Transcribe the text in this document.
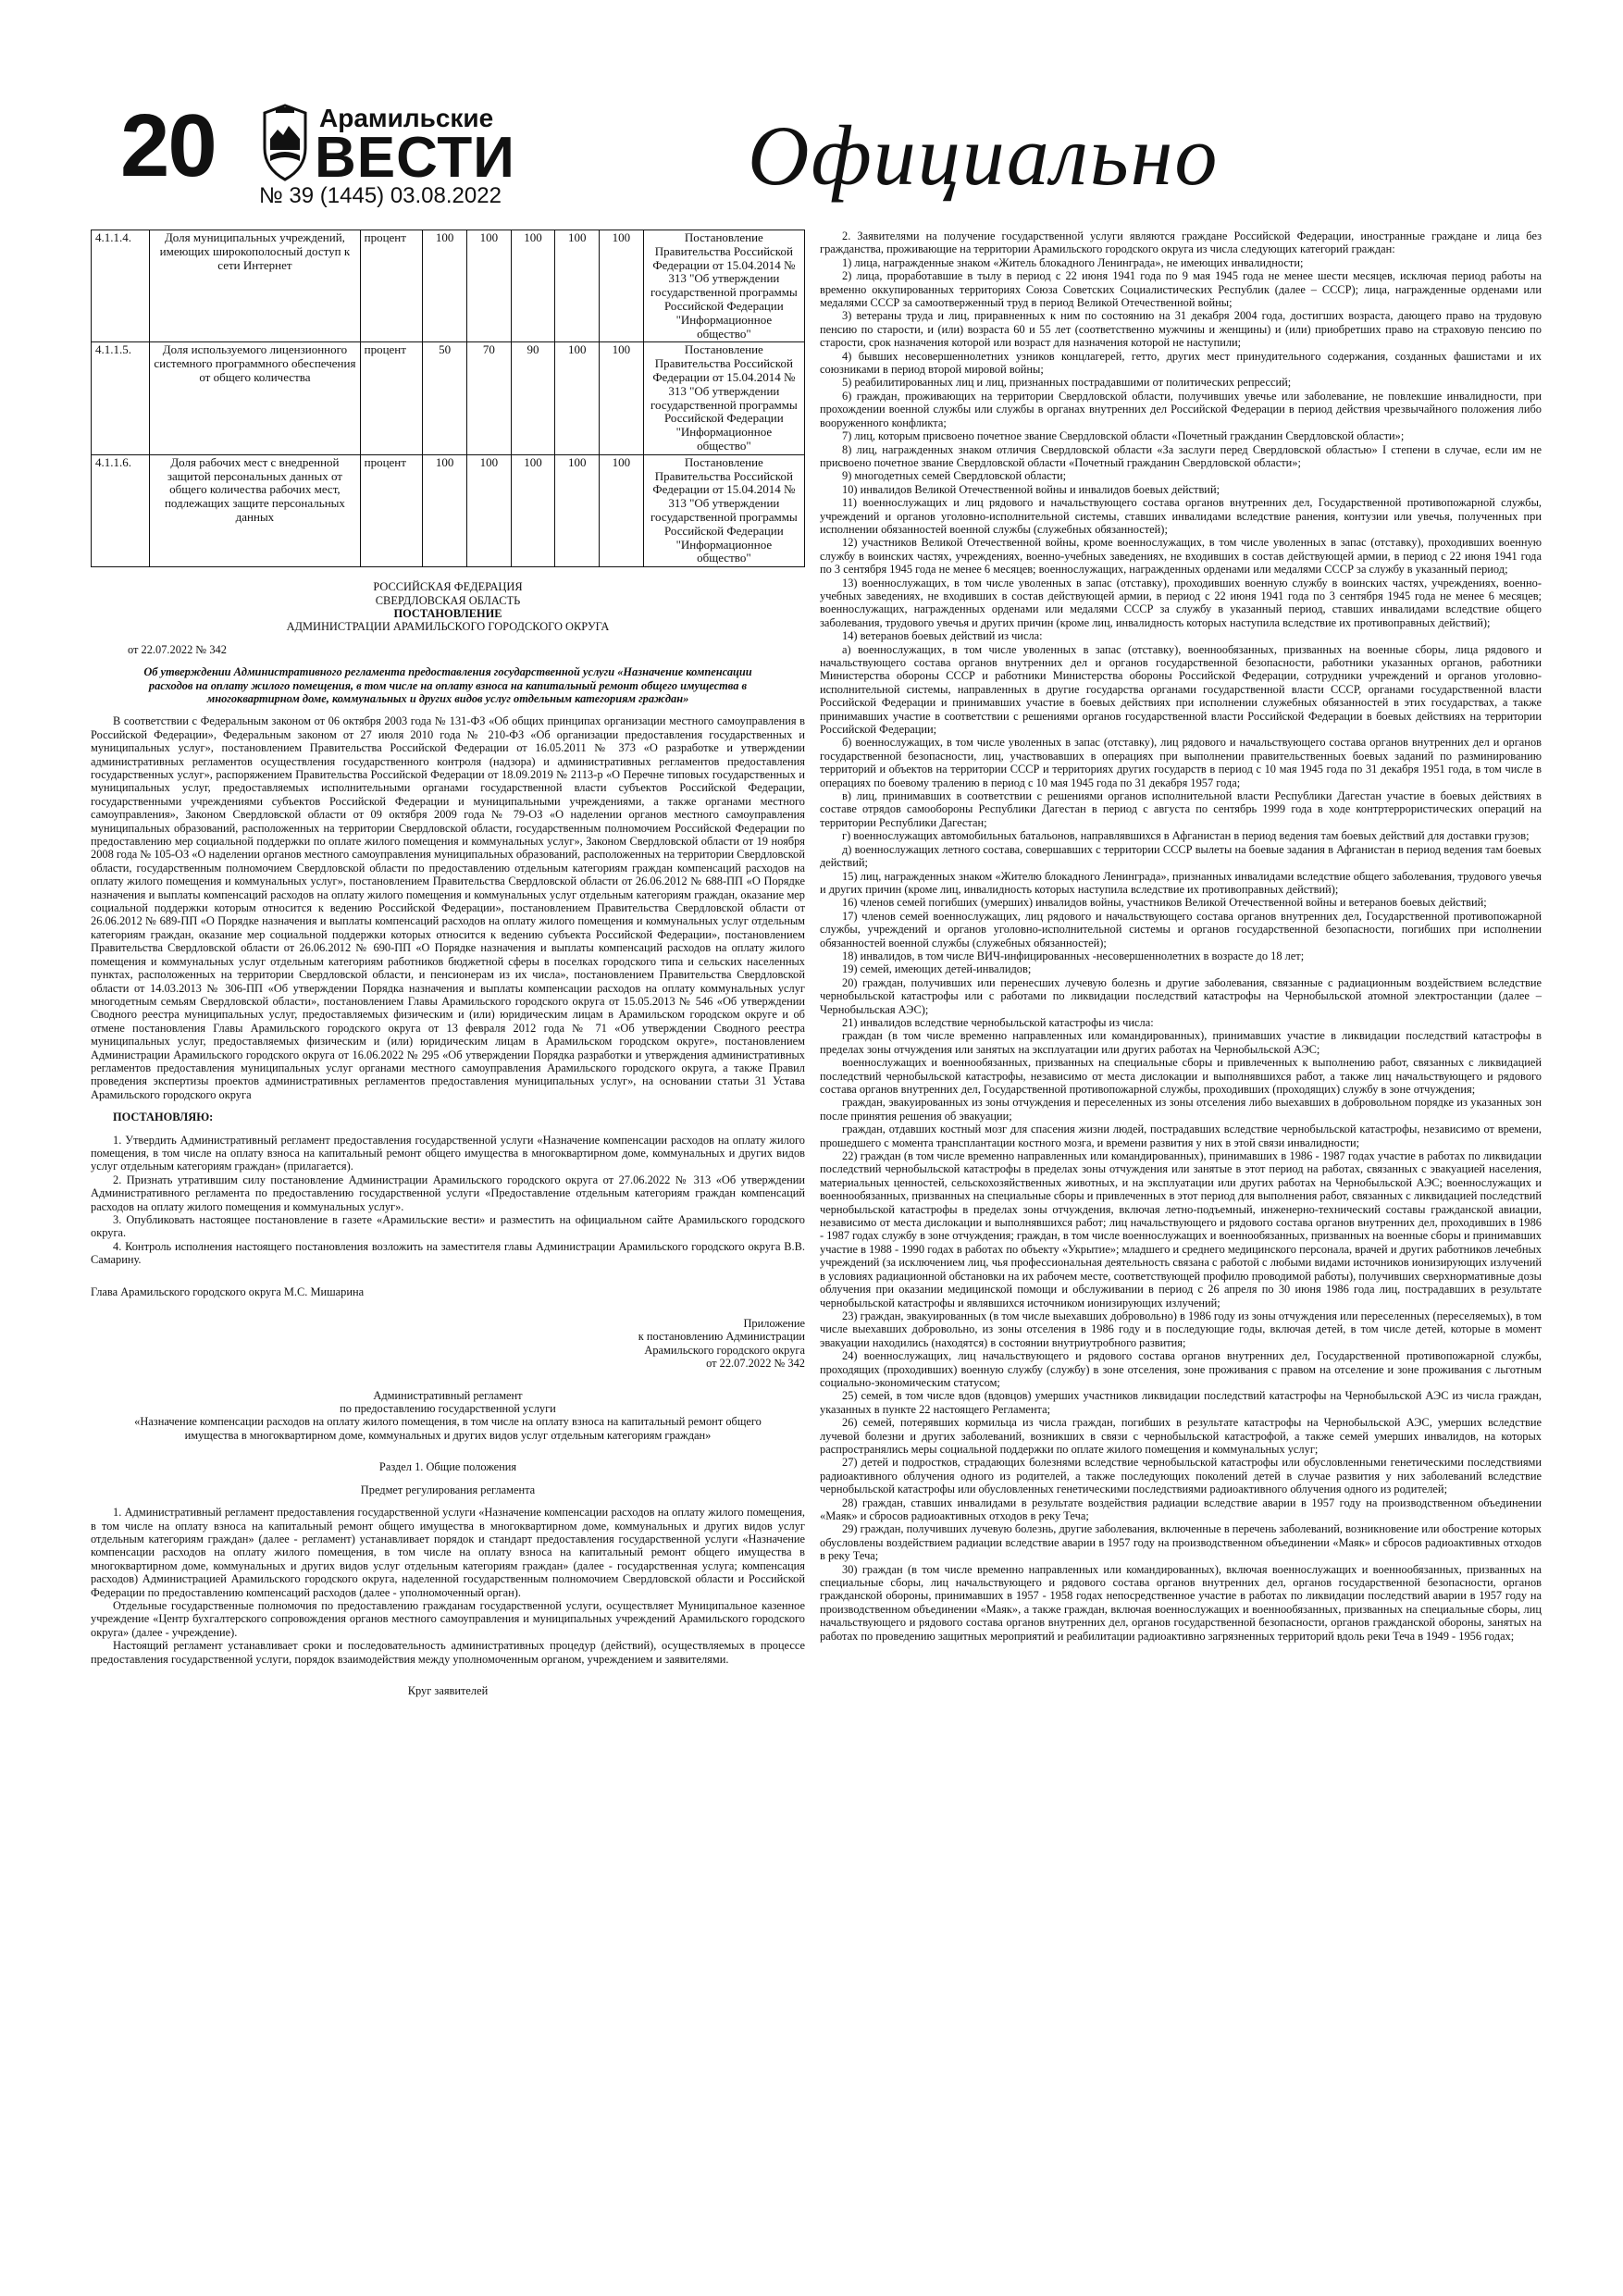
20	Арамильские
ВЕСТИ
№ 39 (1445) 03.08.2022	Официально
4.1.1.4.	Доля муниципальных учреждений, имеющих широкополосный доступ к сети Интернет	процент	100	100	100	100	100	Постановление Правительства Российской Федерации от 15.04.2014 № 313 "Об утверждении государственной программы Российской Федерации "Информационное общество"
4.1.1.5.	Доля используемого лицензионного системного программного обеспечения от общего количества	процент	50	70	90	100	100	Постановление Правительства Российской Федерации от 15.04.2014 № 313 "Об утверждении государственной программы Российской Федерации "Информационное общество"
4.1.1.6.	Доля рабочих мест с внедренной защитой персональных данных от общего количества рабочих мест, подлежащих защите персональных данных	процент	100	100	100	100	100	Постановление Правительства Российской Федерации от 15.04.2014 № 313 "Об утверждении государственной программы Российской Федерации "Информационное общество"
РОССИЙСКАЯ ФЕДЕРАЦИЯ
СВЕРДЛОВСКАЯ ОБЛАСТЬ
ПОСТАНОВЛЕНИЕ
АДМИНИСТРАЦИИ АРАМИЛЬСКОГО ГОРОДСКОГО ОКРУГА
от 22.07.2022 № 342
Об утверждении Административного регламента предоставления государственной услуги «Назначение компенсации расходов на оплату жилого помещения, в том числе на оплату взноса на капитальный ремонт общего имущества в многоквартирном доме, коммунальных и других видов услуг отдельным категориям граждан»

В соответствии с Федеральным законом от 06 октября 2003 года № 131-ФЗ «Об общих принципах организации местного самоуправления в Российской Федерации», Федеральным законом от 27 июля 2010 года № 210-ФЗ «Об организации предоставления государственных и муниципальных услуг», постановлением Правительства Российской Федерации от 16.05.2011 № 373 «О разработке и утверждении административных регламентов осуществления государственного контроля (надзора) и административных регламентов предоставления государственных услуг», распоряжением Правительства Российской Федерации от 18.09.2019 № 2113-р «О Перечне типовых государственных и муниципальных услуг, предоставляемых исполнительными органами государственной власти субъектов Российской Федерации, государственными учреждениями субъектов Российской Федерации и муниципальными учреждениями, а также органами местного самоуправления», Законом Свердловской области от 09 октября 2009 года № 79-ОЗ «О наделении органов местного самоуправления муниципальных образований, расположенных на территории Свердловской области, государственным полномочием Российской Федерации по предоставлению мер социальной поддержки по оплате жилого помещения и коммунальных услуг», Законом Свердловской области от 19 ноября 2008 года № 105-ОЗ «О наделении органов местного самоуправления муниципальных образований, расположенных на территории Свердловской области, государственным полномочием Свердловской области по предоставлению отдельным категориям граждан компенсаций расходов на оплату жилого помещения и коммунальных услуг», постановлением Правительства Свердловской области от 26.06.2012 № 688-ПП «О Порядке назначения и выплаты компенсаций расходов на оплату жилого помещения и коммунальных услуг отдельным категориям граждан, оказание мер социальной поддержки которым относится к ведению Российской Федерации», постановлением Правительства Свердловской области от 26.06.2012 № 689-ПП «О Порядке назначения и выплаты компенсаций расходов на оплату жилого помещения и коммунальных услуг отдельным категориям граждан, оказание мер социальной поддержки которых относится к ведению субъекта Российской Федерации», постановлением Правительства Свердловской области от 26.06.2012 № 690-ПП «О Порядке назначения и выплаты компенсаций расходов на оплату жилого помещения и коммунальных услуг отдельным категориям работников бюджетной сферы в поселках городского типа и сельских населенных пунктах, расположенных на территории Свердловской области, и пенсионерам из их числа», постановлением Правительства Свердловской области от 14.03.2013 № 306-ПП «Об утверждении Порядка назначения и выплаты компенсации расходов на оплату коммунальных услуг многодетным семьям Свердловской области», постановлением Главы Арамильского городского округа от 15.05.2013 № 546 «Об утверждении Сводного реестра муниципальных услуг, предоставляемых физическим и (или) юридическим лицам в Арамильском городском округе и об отмене постановления Главы Арамильского городского округа от 13 февраля 2012 года № 71 «Об утверждении Сводного реестра муниципальных услуг, предоставляемых физическим и (или) юридическим лицам в Арамильском городском округе», постановлением Администрации Арамильского городского округа от 16.06.2022 № 295 «Об утверждении Порядка разработки и утверждения административных регламентов предоставления муниципальных услуг органами местного самоуправления Арамильского городского округа, а также Правил проведения экспертизы проектов административных регламентов предоставления муниципальных услуг», на основании статьи 31 Устава Арамильского городского округа

ПОСТАНОВЛЯЮ:

1. Утвердить Административный регламент предоставления государственной услуги «Назначение компенсации расходов на оплату жилого помещения, в том числе на оплату взноса на капитальный ремонт общего имущества в многоквартирном доме, коммунальных и других видов услуг отдельным категориям граждан» (прилагается).

2. Признать утратившим силу постановление Администрации Арамильского городского округа от 27.06.2022 № 313 «Об утверждении Административного регламента по предоставлению государственной услуги «Предоставление отдельным категориям граждан компенсаций расходов на оплату жилого помещения и коммунальных услуг».

3. Опубликовать настоящее постановление в газете «Арамильские вести» и разместить на официальном сайте Арамильского городского округа.

4. Контроль исполнения настоящего постановления возложить на заместителя главы Администрации Арамильского городского округа В.В. Самарину.

Глава Арамильского городского округа М.С. Мишарина

Приложение
к постановлению Администрации
Арамильского городского округа
от 22.07.2022 № 342
Административный регламент
по предоставлению государственной услуги
«Назначение компенсации расходов на оплату жилого помещения, в том числе на оплату взноса на капитальный ремонт общего имущества в многоквартирном доме, коммунальных и других видов услуг отдельным категориям граждан»
Раздел 1. Общие положения
Предмет регулирования регламента

1. Административный регламент предоставления государственной услуги «Назначение компенсации расходов на оплату жилого помещения, в том числе на оплату взноса на капитальный ремонт общего имущества в многоквартирном доме, коммунальных и других видов услуг отдельным категориям граждан» (далее - регламент) устанавливает порядок и стандарт предоставления государственной услуги «Назначение компенсации расходов на оплату жилого помещения, в том числе на оплату взноса на капитальный ремонт общего имущества в многоквартирном доме, коммунальных и других видов услуг отдельным категориям граждан» (далее - государственная услуга; компенсация расходов) Администрацией Арамильского городского округа, наделенной государственным полномочием Свердловской области и Российской Федерации по предоставлению компенсаций расходов (далее - уполномоченный орган).

Отдельные государственные полномочия по предоставлению гражданам государственной услуги, осуществляет Муниципальное казенное учреждение «Центр бухгалтерского сопровождения органов местного самоуправления и муниципальных учреждений Арамильского городского округа» (далее - учреждение).

Настоящий регламент устанавливает сроки и последовательность административных процедур (действий), осуществляемых в процессе предоставления государственной услуги, порядок взаимодействия между уполномоченным органом, учреждением и заявителями.

Круг заявителей

2. Заявителями на получение государственной услуги являются граждане Российской Федерации, иностранные граждане и лица без гражданства, проживающие на территории Арамильского городского округа из числа следующих категорий граждан:

1) лица, награжденные знаком «Житель блокадного Ленинграда», не имеющих инвалидности;

2) лица, проработавшие в тылу в период с 22 июня 1941 года по 9 мая 1945 года не менее шести месяцев, исключая период работы на временно оккупированных территориях Союза Советских Социалистических Республик (далее – СССР); лица, награжденные орденами или медалями СССР за самоотверженный труд в период Великой Отечественной войны;

3) ветераны труда и лиц, приравненных к ним по состоянию на 31 декабря 2004 года, достигших возраста, дающего право на трудовую пенсию по старости, и (или) возраста 60 и 55 лет (соответственно мужчины и женщины) и (или) приобретших право на страховую пенсию по старости, срок назначения которой или возраст для назначения которой не наступили;

4) бывших несовершеннолетних узников концлагерей, гетто, других мест принудительного содержания, созданных фашистами и их союзниками в период второй мировой войны;

5) реабилитированных лиц и лиц, признанных пострадавшими от политических репрессий;

6) граждан, проживающих на территории Свердловской области, получивших увечье или заболевание, не повлекшие инвалидности, при прохождении военной службы или службы в органах внутренних дел Российской Федерации в период действия чрезвычайного положения либо вооруженного конфликта;

7) лиц, которым присвоено почетное звание Свердловской области «Почетный гражданин Свердловской области»;

8) лиц, награжденных знаком отличия Свердловской области «За заслуги перед Свердловской областью» I степени в случае, если им не присвоено почетное звание Свердловской области «Почетный гражданин Свердловской области»;

9) многодетных семей Свердловской области;

10) инвалидов Великой Отечественной войны и инвалидов боевых действий;

11) военнослужащих и лиц рядового и начальствующего состава органов внутренних дел, Государственной противопожарной службы, учреждений и органов уголовно-исполнительной системы, ставших инвалидами вследствие ранения, контузии или увечья, полученных при исполнении обязанностей военной службы (служебных обязанностей);

12) участников Великой Отечественной войны, кроме военнослужащих, в том числе уволенных в запас (отставку), проходивших военную службу в воинских частях, учреждениях, военно-учебных заведениях, не входивших в состав действующей армии, в период с 22 июня 1941 года по 3 сентября 1945 года не менее 6 месяцев; военнослужащих, награжденных орденами или медалями СССР за службу в указанный период;

13) военнослужащих, в том числе уволенных в запас (отставку), проходивших военную службу в воинских частях, учреждениях, военно-учебных заведениях, не входивших в состав действующей армии, в период с 22 июня 1941 года по 3 сентября 1945 года не менее 6 месяцев; военнослужащих, награжденных орденами или медалями СССР за службу в указанный период, ставших инвалидами вследствие общего заболевания, трудового увечья и других причин (кроме лиц, инвалидность которых наступила вследствие их противоправных действий);

14) ветеранов боевых действий из числа:

а) военнослужащих, в том числе уволенных в запас (отставку), военнообязанных, призванных на военные сборы, лица рядового и начальствующего состава органов внутренних дел и органов государственной безопасности, работники указанных органов, работники Министерства обороны СССР и работники Министерства обороны Российской Федерации, сотрудники учреждений и органов уголовно-исполнительной системы, направленных в другие государства органами государственной власти СССР, органами государственной власти Российской Федерации и принимавших участие в боевых действиях при исполнении служебных обязанностей в этих государствах, а также принимавших участие в соответствии с решениями органов государственной власти Российской Федерации в боевых действиях на территории Российской Федерации;

б) военнослужащих, в том числе уволенных в запас (отставку), лиц рядового и начальствующего состава органов внутренних дел и органов государственной безопасности, лиц, участвовавших в операциях при выполнении правительственных боевых заданий по разминированию территорий и объектов на территории СССР и территориях других государств в период с 10 мая 1945 года по 31 декабря 1951 года, в том числе в операциях по боевому тралению в период с 10 мая 1945 года по 31 декабря 1957 года;

в) лиц, принимавших в соответствии с решениями органов исполнительной власти Республики Дагестан участие в боевых действиях в составе отрядов самообороны Республики Дагестан в период с августа по сентябрь 1999 года в ходе контртеррористических операций на территории Республики Дагестан;

г) военнослужащих автомобильных батальонов, направлявшихся в Афганистан в период ведения там боевых действий для доставки грузов;

д) военнослужащих летного состава, совершавших с территории СССР вылеты на боевые задания в Афганистан в период ведения там боевых действий;

15) лиц, награжденных знаком «Жителю блокадного Ленинграда», признанных инвалидами вследствие общего заболевания, трудового увечья и других причин (кроме лиц, инвалидность которых наступила вследствие их противоправных действий);

16) членов семей погибших (умерших) инвалидов войны, участников Великой Отечественной войны и ветеранов боевых действий;

17) членов семей военнослужащих, лиц рядового и начальствующего состава органов внутренних дел, Государственной противопожарной службы, учреждений и органов уголовно-исполнительной системы и органов государственной безопасности, погибших при исполнении обязанностей военной службы (служебных обязанностей);

18) инвалидов, в том числе ВИЧ-инфицированных -несовершеннолетних в возрасте до 18 лет;

19) семей, имеющих детей-инвалидов;

20) граждан, получивших или перенесших лучевую болезнь и другие заболевания, связанные с радиационным воздействием вследствие чернобыльской катастрофы или с работами по ликвидации последствий катастрофы на Чернобыльской атомной электростанции (далее – Чернобыльская АЭС);

21) инвалидов вследствие чернобыльской катастрофы из числа:

граждан (в том числе временно направленных или командированных), принимавших участие в ликвидации последствий катастрофы в пределах зоны отчуждения или занятых на эксплуатации или других работах на Чернобыльской АЭС;

военнослужащих и военнообязанных, призванных на специальные сборы и привлеченных к выполнению работ, связанных с ликвидацией последствий чернобыльской катастрофы, независимо от места дислокации и выполнявшихся работ, а также лиц начальствующего и рядового состава органов внутренних дел, Государственной противопожарной службы, проходивших (проходящих) службу в зоне отчуждения;

граждан, эвакуированных из зоны отчуждения и переселенных из зоны отселения либо выехавших в добровольном порядке из указанных зон после принятия решения об эвакуации;

граждан, отдавших костный мозг для спасения жизни людей, пострадавших вследствие чернобыльской катастрофы, независимо от времени, прошедшего с момента трансплантации костного мозга, и времени развития у них в этой связи инвалидности;

22) граждан (в том числе временно направленных или командированных), принимавших в 1986 - 1987 годах участие в работах по ликвидации последствий чернобыльской катастрофы в пределах зоны отчуждения или занятые в этот период на работах, связанных с эвакуацией населения, материальных ценностей, сельскохозяйственных животных, и на эксплуатации или других работах на Чернобыльской АЭС; военнослужащих и военнообязанных, призванных на специальные сборы и привлеченных в этот период для выполнения работ, связанных с ликвидацией последствий чернобыльской катастрофы в пределах зоны отчуждения, включая летно-подъемный, инженерно-технический составы гражданской авиации, независимо от места дислокации и выполнявшихся работ; лиц начальствующего и рядового состава органов внутренних дел, проходивших в 1986 - 1987 годах службу в зоне отчуждения; граждан, в том числе военнослужащих и военнообязанных, призванных на военные сборы и принимавших участие в 1988 - 1990 годах в работах по объекту «Укрытие»; младшего и среднего медицинского персонала, врачей и других работников лечебных учреждений (за исключением лиц, чья профессиональная деятельность связана с работой с любыми видами источников ионизирующих излучений в условиях радиационной обстановки на их рабочем месте, соответствующей профилю проводимой работы), получивших сверхнормативные дозы облучения при оказании медицинской помощи и обслуживании в период с 26 апреля по 30 июня 1986 года лиц, пострадавших в результате чернобыльской катастрофы и являвшихся источником ионизирующих излучений;

23) граждан, эвакуированных (в том числе выехавших добровольно) в 1986 году из зоны отчуждения или переселенных (переселяемых), в том числе выехавших добровольно, из зоны отселения в 1986 году и в последующие годы, включая детей, в том числе детей, которые в момент эвакуации находились (находятся) в состоянии внутриутробного развития;

24) военнослужащих, лиц начальствующего и рядового состава органов внутренних дел, Государственной противопожарной службы, проходящих (проходивших) военную службу (службу) в зоне отселения, зоне проживания с правом на отселение и зоне проживания с льготным социально-экономическим статусом;

25) семей, в том числе вдов (вдовцов) умерших участников ликвидации последствий катастрофы на Чернобыльской АЭС из числа граждан, указанных в пункте 22 настоящего Регламента;

26) семей, потерявших кормильца из числа граждан, погибших в результате катастрофы на Чернобыльской АЭС, умерших вследствие лучевой болезни и других заболеваний, возникших в связи с чернобыльской катастрофой, а также семей умерших инвалидов, на которых распространялись меры социальной поддержки по оплате жилого помещения и коммунальных услуг;

27) детей и подростков, страдающих болезнями вследствие чернобыльской катастрофы или обусловленными генетическими последствиями радиоактивного облучения одного из родителей, а также последующих поколений детей в случае развития у них заболеваний вследствие чернобыльской катастрофы или обусловленных генетическими последствиями радиоактивного облучения одного из родителей;

28) граждан, ставших инвалидами в результате воздействия радиации вследствие аварии в 1957 году на производственном объединении «Маяк» и сбросов радиоактивных отходов в реку Теча;

29) граждан, получивших лучевую болезнь, другие заболевания, включенные в перечень заболеваний, возникновение или обострение которых обусловлены воздействием радиации вследствие аварии в 1957 году на производственном объединении «Маяк» и сбросов радиоактивных отходов в реку Теча;

30) граждан (в том числе временно направленных или командированных), включая военнослужащих и военнообязанных, призванных на специальные сборы, лиц начальствующего и рядового состава органов внутренних дел, органов государственной безопасности, органов гражданской обороны, принимавших в 1957 - 1958 годах непосредственное участие в работах по ликвидации последствий аварии в 1957 году на производственном объединении «Маяк», а также граждан, включая военнослужащих и военнообязанных, призванных на специальные сборы, лиц начальствующего и рядового состава органов внутренних дел, органов государственной безопасности, органов гражданской обороны, занятых на работах по проведению защитных мероприятий и реабилитации радиоактивно загрязненных территорий вдоль реки Теча в 1949 - 1956 годах;
